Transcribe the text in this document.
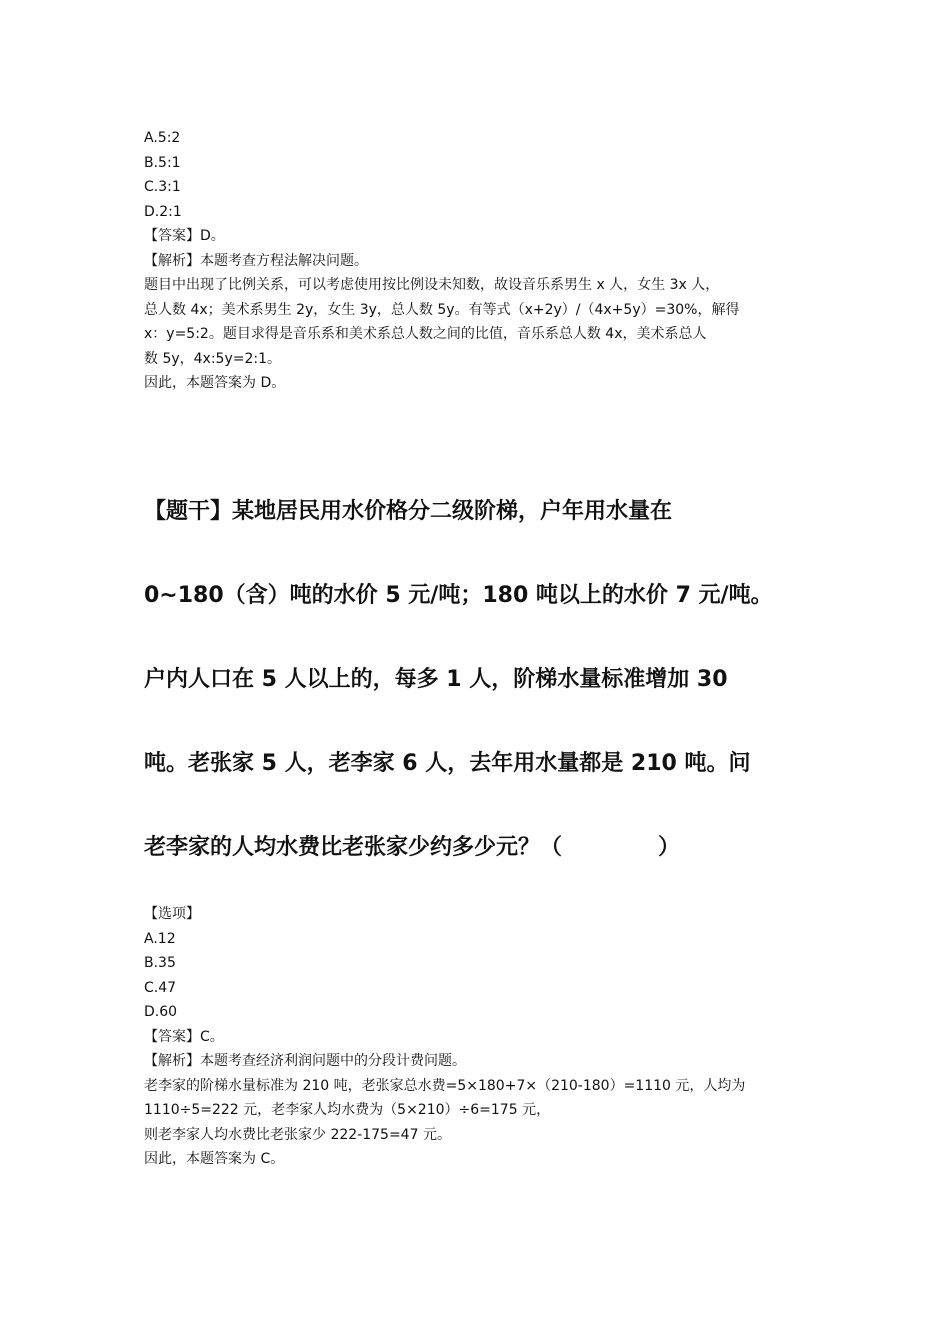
A.5:2

B.5:1

C.3:1

D.2:1

【答案】D。

【解析】本题考查方程法解决问题。

题目中出现了比例关系，可以考虑使用按比例设未知数，故设音乐系男生 x 人，女生 3x 人，

总人数 4x；美术系男生 2y，女生 3y，总人数 5y。有等式（x+2y）/（4x+5y）=30%，解得

x：y=5:2。题目求得是音乐系和美术系总人数之间的比值，音乐系总人数 4x，美术系总人

数 5y，4x:5y=2:1。

因此，本题答案为 D。

【题干】某地居民用水价格分二级阶梯，户年用水量在

0~180（含）吨的水价 5 元/吨；180 吨以上的水价 7 元/吨。

户内人口在 5 人以上的，每多 1 人，阶梯水量标准增加 30

吨。老张家 5 人，老李家 6 人，去年用水量都是 210 吨。问

老李家的人均水费比老张家少约多少元？（	）

【选项】

A.12

B.35

C.47

D.60

【答案】C。

【解析】本题考查经济利润问题中的分段计费问题。

老李家的阶梯水量标准为 210 吨，老张家总水费=5×180+7×（210-180）=1110 元，人均为

1110÷5=222 元，老李家人均水费为（5×210）÷6=175 元，

则老李家人均水费比老张家少 222-175=47 元。

因此，本题答案为 C。
